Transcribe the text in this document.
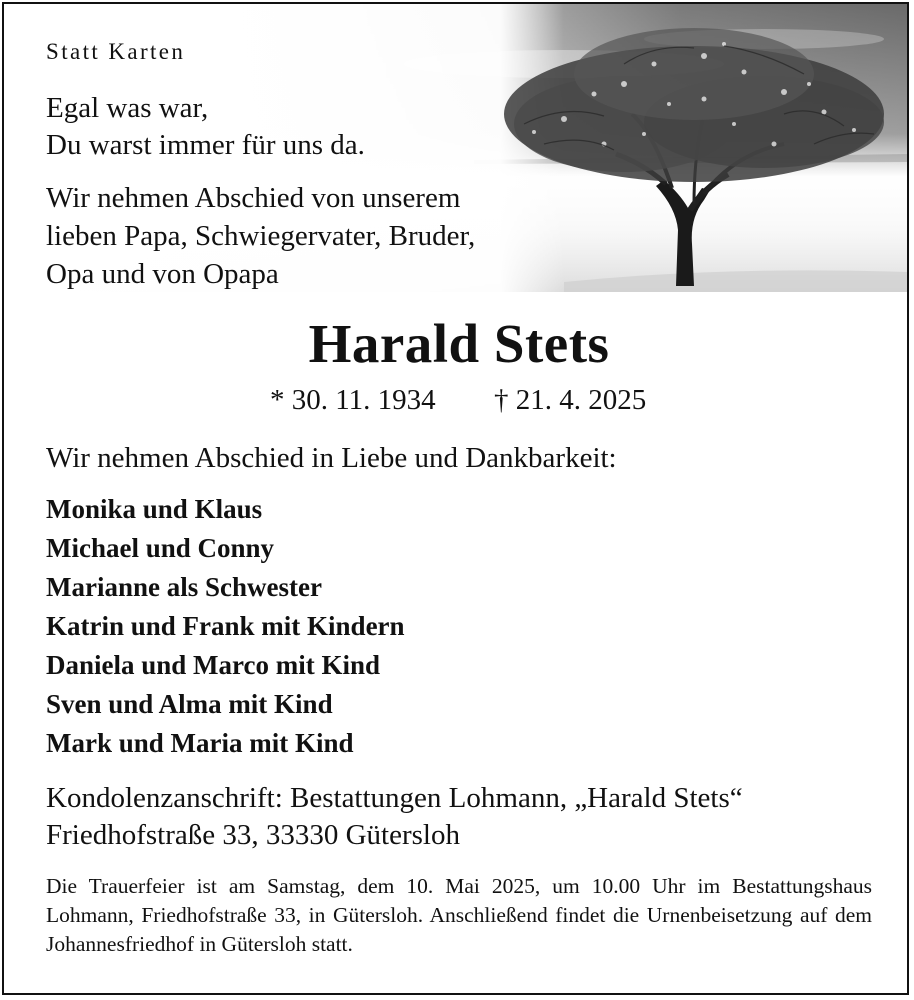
Statt Karten
Egal was war,
Du warst immer für uns da.
Wir nehmen Abschied von unserem
lieben Papa, Schwiegervater, Bruder,
Opa und von Opapa
Harald Stets
* 30. 11. 1934 † 21. 4. 2025
Wir nehmen Abschied in Liebe und Dankbarkeit:
Monika und Klaus
Michael und Conny
Marianne als Schwester
Katrin und Frank mit Kindern
Daniela und Marco mit Kind
Sven und Alma mit Kind
Mark und Maria mit Kind
Kondolenzanschrift: Bestattungen Lohmann, „Harald Stets“
Friedhofstraße 33, 33330 Gütersloh
Die Trauerfeier ist am Samstag, dem 10. Mai 2025, um 10.00 Uhr im Bestattungshaus Lohmann, Friedhofstraße 33, in Gütersloh. Anschließend findet die Urnenbeisetzung auf dem Johannesfriedhof in Gütersloh statt.
